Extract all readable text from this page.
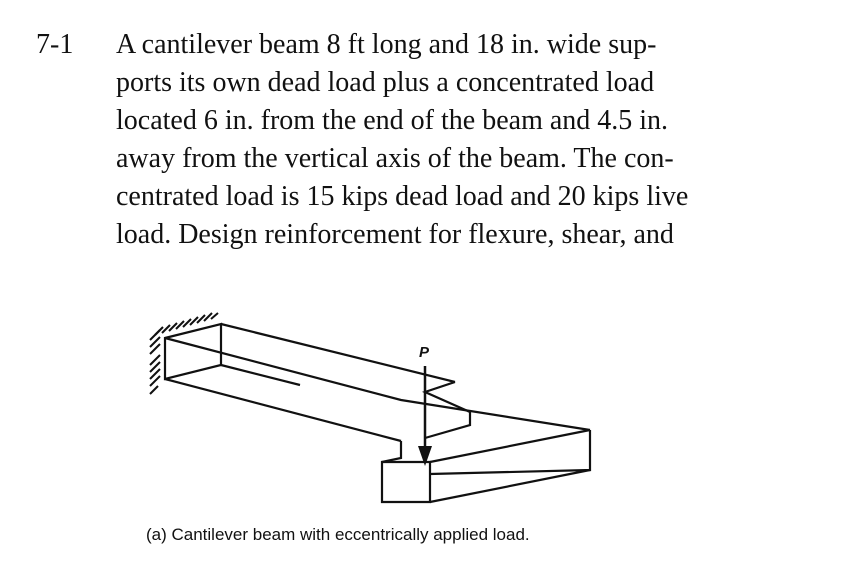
7-1 A cantilever beam 8 ft long and 18 in. wide sup-
ports its own dead load plus a concentrated load
located 6 in. from the end of the beam and 4.5 in.
away from the vertical axis of the beam. The con-
centrated load is 15 kips dead load and 20 kips live
load. Design reinforcement for flexure, shear, and
P
(a) Cantilever beam with eccentrically applied load.
